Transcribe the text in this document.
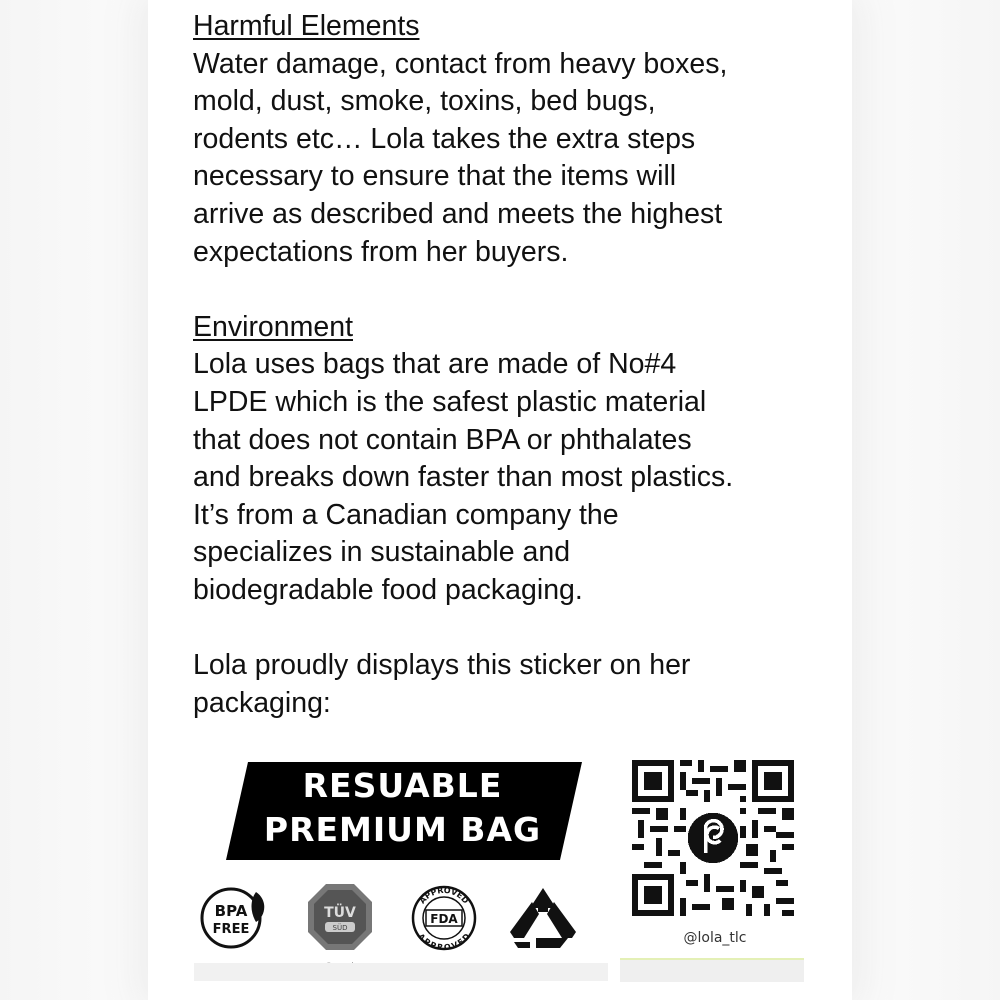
Harmful Elements
Water damage, contact from heavy boxes,
mold, dust, smoke, toxins, bed bugs,
rodents etc… Lola takes the extra steps
necessary to ensure that the items will
arrive as described and meets the highest
expectations from her buyers.
Environment
Lola uses bags that are made of No#4
LPDE which is the safest plastic material
that does not contain BPA or phthalates
and breaks down faster than most plastics.
It’s from a Canadian company the
specializes in sustainable and
biodegradable food packaging.
Lola proudly displays this sticker on her
packaging:
RESUABLE
PREMIUM BAG
BPA
FREE
TÜV
SÜD
APPROVED
APPROVED
FDA
@lola_tlc
